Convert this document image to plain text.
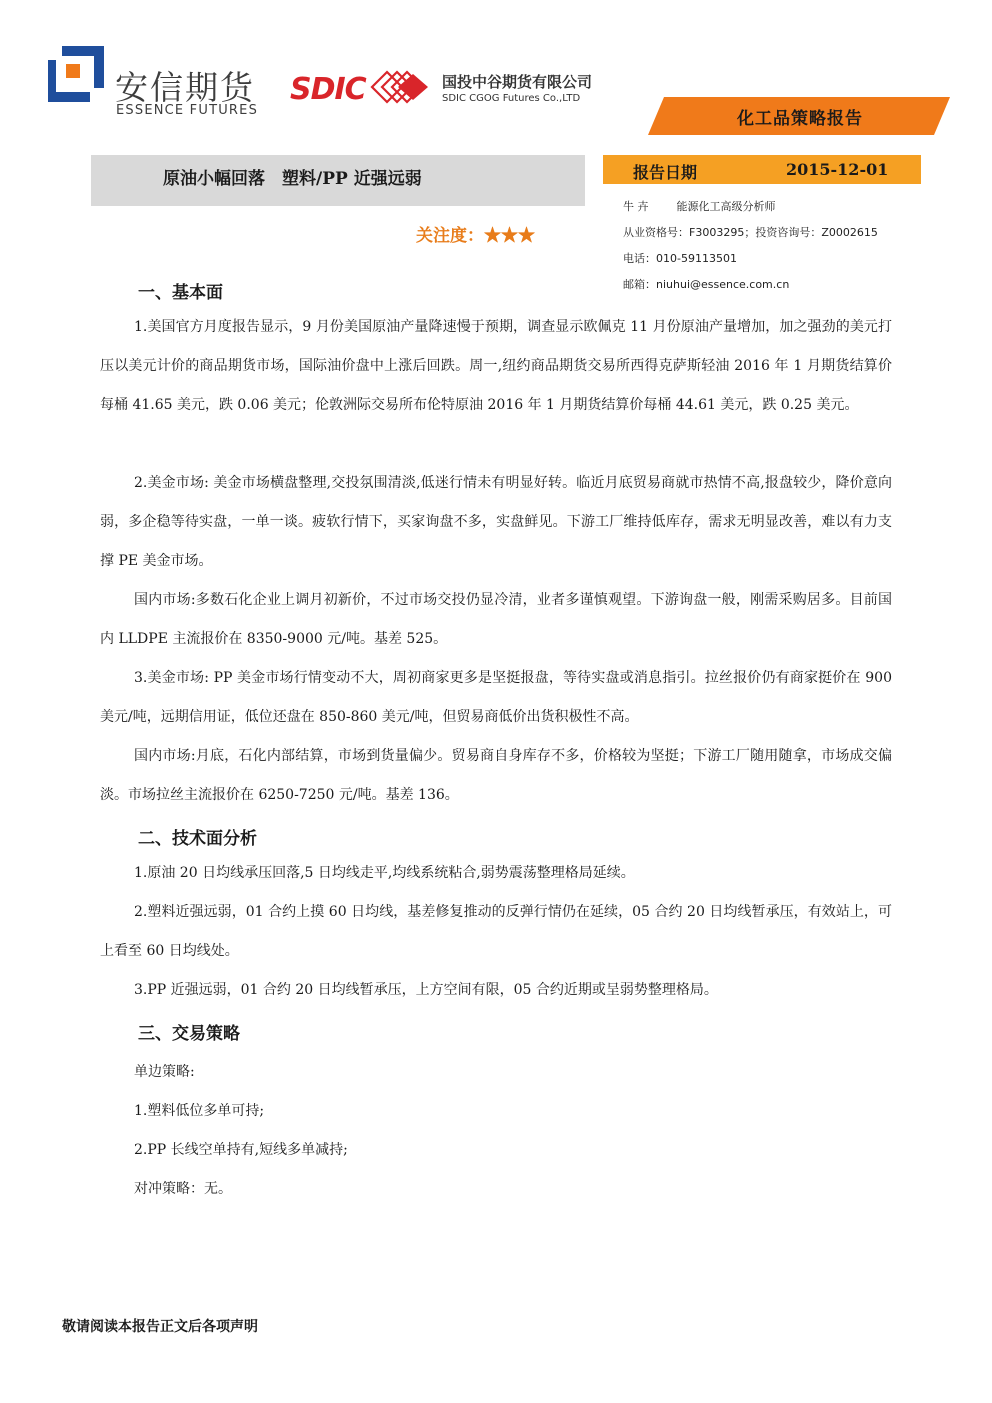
安信期货
ESSENCE FUTURES
SDIC	国投中谷期货有限公司
SDIC CGOG Futures Co.,LTD
化工品策略报告
原油小幅回落　塑料/PP 近强远弱
关注度：★★★
报告日期	2015-12-01
牛 卉	能源化工高级分析师
从业资格号：F3003295；投资咨询号：Z0002615
电话：010-59113501
邮箱：niuhui@essence.com.cn
一、基本面
1.美国官方月度报告显示，9 月份美国原油产量降速慢于预期，调查显示欧佩克 11 月份原油产量增加，加之强劲的美元打压以美元计价的商品期货市场，国际油价盘中上涨后回跌。周一,纽约商品期货交易所西得克萨斯轻油 2016 年 1 月期货结算价每桶 41.65 美元，跌 0.06 美元；伦敦洲际交易所布伦特原油 2016 年 1 月期货结算价每桶 44.61 美元，跌 0.25 美元。
2.美金市场: 美金市场横盘整理,交投氛围清淡,低迷行情未有明显好转。临近月底贸易商就市热情不高,报盘较少，降价意向弱，多企稳等待实盘，一单一谈。疲软行情下，买家询盘不多，实盘鲜见。下游工厂维持低库存，需求无明显改善，难以有力支撑 PE 美金市场。
国内市场:多数石化企业上调月初新价，不过市场交投仍显冷清，业者多谨慎观望。下游询盘一般，刚需采购居多。目前国内 LLDPE 主流报价在 8350-9000 元/吨。基差 525。
3.美金市场: PP 美金市场行情变动不大，周初商家更多是坚挺报盘，等待实盘或消息指引。拉丝报价仍有商家挺价在 900 美元/吨，远期信用证，低位还盘在 850-860 美元/吨，但贸易商低价出货积极性不高。
国内市场:月底，石化内部结算，市场到货量偏少。贸易商自身库存不多，价格较为坚挺；下游工厂随用随拿，市场成交偏淡。市场拉丝主流报价在 6250-7250 元/吨。基差 136。
二、技术面分析
1.原油 20 日均线承压回落,5 日均线走平,均线系统粘合,弱势震荡整理格局延续。
2.塑料近强远弱，01 合约上摸 60 日均线，基差修复推动的反弹行情仍在延续，05 合约 20 日均线暂承压，有效站上，可上看至 60 日均线处。
3.PP 近强远弱，01 合约 20 日均线暂承压，上方空间有限，05 合约近期或呈弱势整理格局。
三、交易策略
单边策略:
1.塑料低位多单可持;
2.PP 长线空单持有,短线多单减持;
对冲策略：无。
敬请阅读本报告正文后各项声明
